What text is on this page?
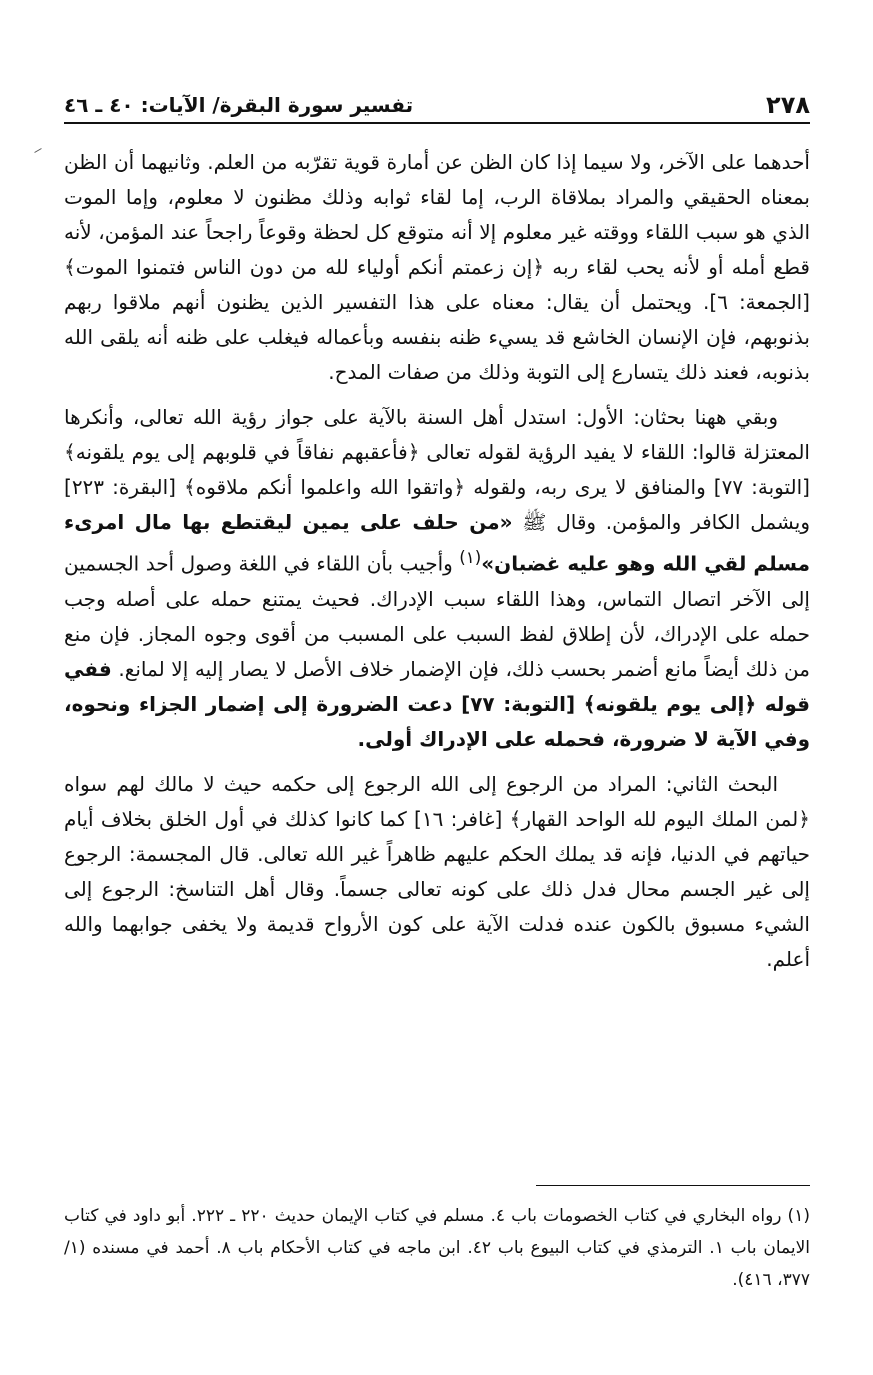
٢٧٨
تفسير سورة البقرة/ الآيات: ٤٠ ـ ٤٦

أحدهما على الآخر، ولا سيما إذا كان الظن عن أمارة قوية تقرّبه من العلم. وثانيهما أن الظن بمعناه الحقيقي والمراد بملاقاة الرب، إما لقاء ثوابه وذلك مظنون لا معلوم، وإما الموت الذي هو سبب اللقاء ووقته غير معلوم إلا أنه متوقع كل لحظة وقوعاً راجحاً عند المؤمن، لأنه قطع أمله أو لأنه يحب لقاء ربه ﴿إن زعمتم أنكم أولياء لله من دون الناس فتمنوا الموت﴾ [الجمعة: ٦]. ويحتمل أن يقال: معناه على هذا التفسير الذين يظنون أنهم ملاقوا ربهم بذنوبهم، فإن الإنسان الخاشع قد يسيء ظنه بنفسه وبأعماله فيغلب على ظنه أنه يلقى الله بذنوبه، فعند ذلك يتسارع إلى التوبة وذلك من صفات المدح.

وبقي ههنا بحثان: الأول: استدل أهل السنة بالآية على جواز رؤية الله تعالى، وأنكرها المعتزلة قالوا: اللقاء لا يفيد الرؤية لقوله تعالى ﴿فأعقبهم نفاقاً في قلوبهم إلى يوم يلقونه﴾ [التوبة: ٧٧] والمنافق لا يرى ربه، ولقوله ﴿واتقوا الله واعلموا أنكم ملاقوه﴾ [البقرة: ٢٢٣] ويشمل الكافر والمؤمن. وقال ﷺ «من حلف على يمين ليقتطع بها مال امرىء مسلم لقي الله وهو عليه غضبان»$^{(١)}$ وأجيب بأن اللقاء في اللغة وصول أحد الجسمين إلى الآخر اتصال التماس، وهذا اللقاء سبب الإدراك. فحيث يمتنع حمله على أصله وجب حمله على الإدراك، لأن إطلاق لفظ السبب على المسبب من أقوى وجوه المجاز. فإن منع من ذلك أيضاً مانع أضمر بحسب ذلك، فإن الإضمار خلاف الأصل لا يصار إليه إلا لمانع. ففي قوله ﴿إلى يوم يلقونه﴾ [التوبة: ٧٧] دعت الضرورة إلى إضمار الجزاء ونحوه، وفي الآية لا ضرورة، فحمله على الإدراك أولى.

البحث الثاني: المراد من الرجوع إلى الله الرجوع إلى حكمه حيث لا مالك لهم سواه ﴿لمن الملك اليوم لله الواحد القهار﴾ [غافر: ١٦] كما كانوا كذلك في أول الخلق بخلاف أيام حياتهم في الدنيا، فإنه قد يملك الحكم عليهم ظاهراً غير الله تعالى. قال المجسمة: الرجوع إلى غير الجسم محال فدل ذلك على كونه تعالى جسماً. وقال أهل التناسخ: الرجوع إلى الشيء مسبوق بالكون عنده فدلت الآية على كون الأرواح قديمة ولا يخفى جوابهما والله أعلم.

(١) رواه البخاري في كتاب الخصومات باب ٤. مسلم في كتاب الإيمان حديث ٢٢٠ ـ ٢٢٢. أبو داود في كتاب الايمان باب ١. الترمذي في كتاب البيوع باب ٤٢. ابن ماجه في كتاب الأحكام باب ٨. أحمد في مسنده (١/ ٣٧٧، ٤١٦).
